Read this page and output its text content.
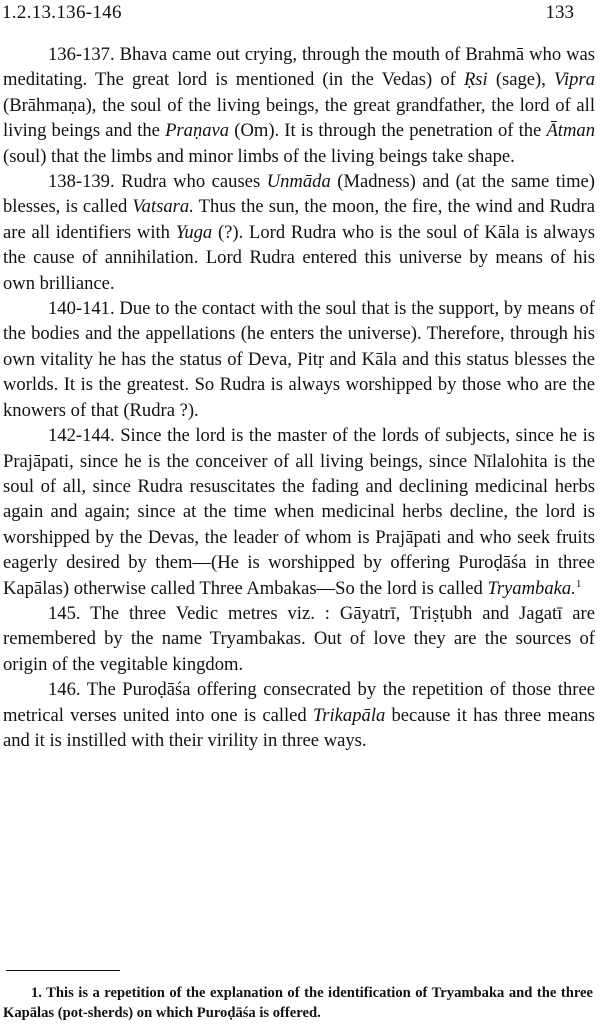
1.2.13.136-146	133

136-137. Bhava came out crying, through the mouth of Brahmā who was meditating. The great lord is mentioned (in the Vedas) of Ṛsi (sage), Vipra (Brāhmaṇa), the soul of the living beings, the great grandfather, the lord of all living beings and the Praṇava (Om). It is through the penetration of the Ātman (soul) that the limbs and minor limbs of the living beings take shape.

138-139. Rudra who causes Unmāda (Madness) and (at the same time) blesses, is called Vatsara. Thus the sun, the moon, the fire, the wind and Rudra are all identifiers with Yuga (?). Lord Rudra who is the soul of Kāla is always the cause of annihilation. Lord Rudra entered this universe by means of his own brilliance.

140-141. Due to the contact with the soul that is the support, by means of the bodies and the appellations (he enters the universe). Therefore, through his own vitality he has the status of Deva, Pitṛ and Kāla and this status blesses the worlds. It is the greatest. So Rudra is always worshipped by those who are the knowers of that (Rudra ?).

142-144. Since the lord is the master of the lords of subjects, since he is Prajāpati, since he is the conceiver of all living beings, since Nīlalohita is the soul of all, since Rudra resuscitates the fading and declining medicinal herbs again and again; since at the time when medicinal herbs decline, the lord is worshipped by the Devas, the leader of whom is Prajāpati and who seek fruits eagerly desired by them—(He is worshipped by offering Puroḍāśa in three Kapālas) otherwise called Three Ambakas—So the lord is called Tryambaka.$^1$

145. The three Vedic metres viz. : Gāyatrī, Triṣṭubh and Jagatī are remembered by the name Tryambakas. Out of love they are the sources of origin of the vegitable kingdom.

146. The Puroḍāśa offering consecrated by the repetition of those three metrical verses united into one is called Trikapāla because it has three means and it is instilled with their virility in three ways.

1. This is a repetition of the explanation of the identification of Tryambaka and the three Kapālas (pot-sherds) on which Puroḍāśa is offered.
